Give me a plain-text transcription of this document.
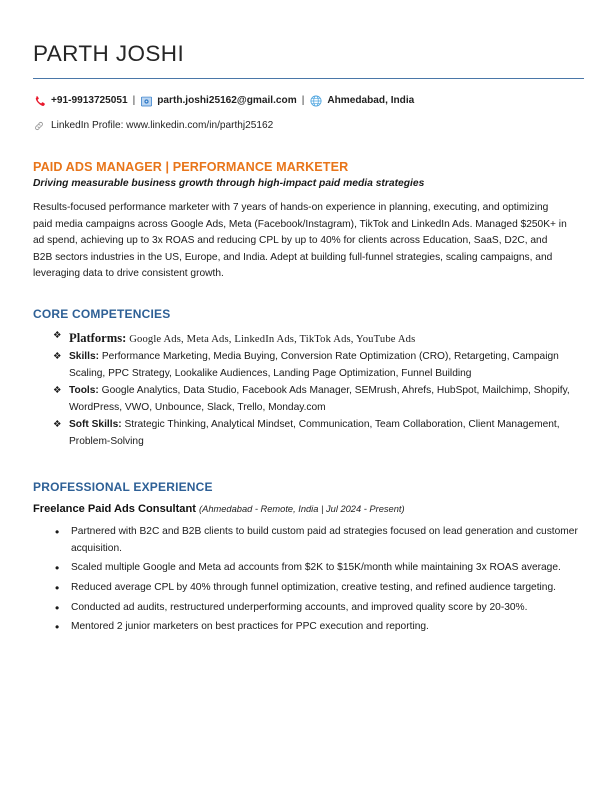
PARTH JOSHI
+91-9913725051 | parth.joshi25162@gmail.com | Ahmedabad, India
LinkedIn Profile: www.linkedin.com/in/parthj25162
PAID ADS MANAGER | PERFORMANCE MARKETER
Driving measurable business growth through high-impact paid media strategies
Results-focused performance marketer with 7 years of hands-on experience in planning, executing, and optimizing paid media campaigns across Google Ads, Meta (Facebook/Instagram), TikTok and LinkedIn Ads. Managed $250K+ in ad spend, achieving up to 3x ROAS and reducing CPL by up to 40% for clients across Education, SaaS, D2C, and B2B sectors industries in the US, Europe, and India. Adept at building full-funnel strategies, scaling campaigns, and leveraging data to drive consistent growth.
CORE COMPETENCIES
❖ Platforms: Google Ads, Meta Ads, LinkedIn Ads, TikTok Ads, YouTube Ads
❖ Skills: Performance Marketing, Media Buying, Conversion Rate Optimization (CRO), Retargeting, Campaign Scaling, PPC Strategy, Lookalike Audiences, Landing Page Optimization, Funnel Building
❖ Tools: Google Analytics, Data Studio, Facebook Ads Manager, SEMrush, Ahrefs, HubSpot, Mailchimp, Shopify, WordPress, VWO, Unbounce, Slack, Trello, Monday.com
❖ Soft Skills: Strategic Thinking, Analytical Mindset, Communication, Team Collaboration, Client Management, Problem-Solving
PROFESSIONAL EXPERIENCE
Freelance Paid Ads Consultant (Ahmedabad - Remote, India | Jul 2024 - Present)
• Partnered with B2C and B2B clients to build custom paid ad strategies focused on lead generation and customer acquisition.
• Scaled multiple Google and Meta ad accounts from $2K to $15K/month while maintaining 3x ROAS average.
• Reduced average CPL by 40% through funnel optimization, creative testing, and refined audience targeting.
• Conducted ad audits, restructured underperforming accounts, and improved quality score by 20-30%.
• Mentored 2 junior marketers on best practices for PPC execution and reporting.
